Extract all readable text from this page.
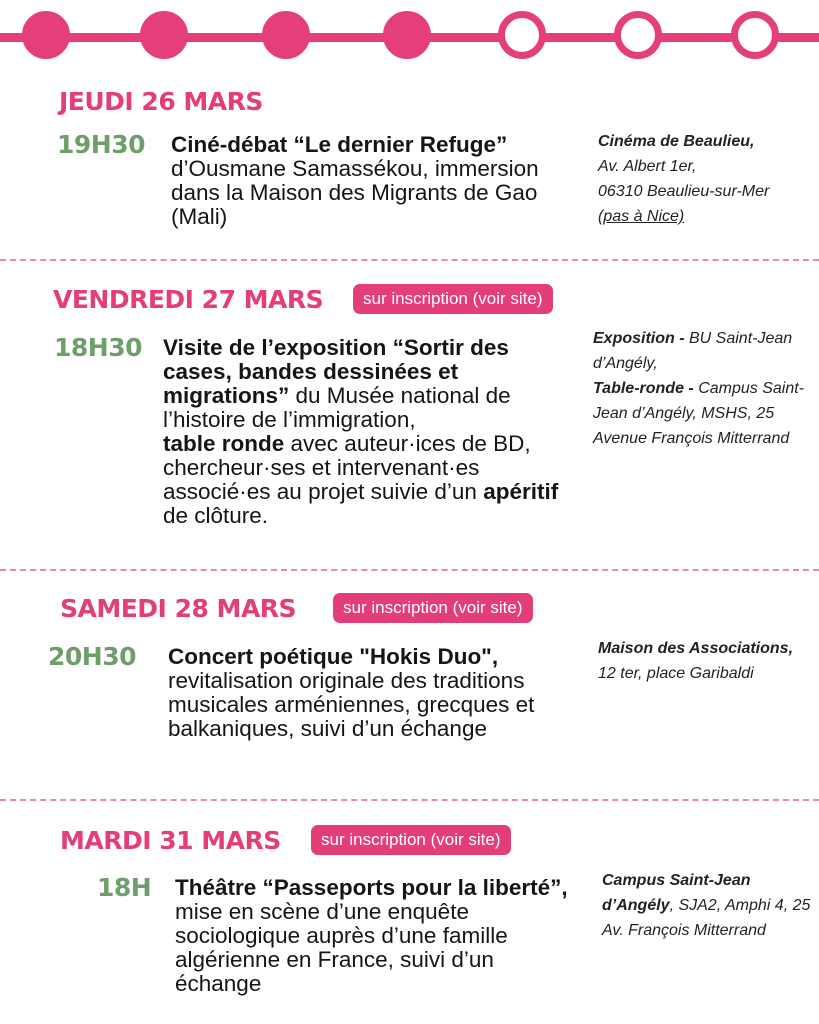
JEUDI 26 MARS
19H30 Ciné-débat “Le dernier Refuge” d’Ousmane Samassékou, immersion dans la Maison des Migrants de Gao (Mali)
Cinéma de Beaulieu,
Av. Albert 1er,
06310 Beaulieu-sur-Mer
(pas à Nice)
VENDREDI 27 MARS	sur inscription (voir site)
18H30 Visite de l’exposition “Sortir des cases, bandes dessinées et migrations” du Musée national de l’histoire de l’immigration,
table ronde avec auteur·ices de BD, chercheur·ses et intervenant·es associé·es au projet suivie d’un apéritif de clôture.
Exposition - BU Saint-Jean d’Angély,
Table-ronde - Campus Saint-Jean d’Angély, MSHS, 25 Avenue François Mitterrand
SAMEDI 28 MARS	sur inscription (voir site)
20H30 Concert poétique "Hokis Duo", revitalisation originale des traditions musicales arméniennes, grecques et balkaniques, suivi d’un échange
Maison des Associations,
12 ter, place Garibaldi
MARDI 31 MARS	sur inscription (voir site)
18H Théâtre “Passeports pour la liberté”, mise en scène d’une enquête sociologique auprès d’une famille algérienne en France, suivi d’un échange
Campus Saint-Jean d’Angély, SJA2, Amphi 4, 25 Av. François Mitterrand
